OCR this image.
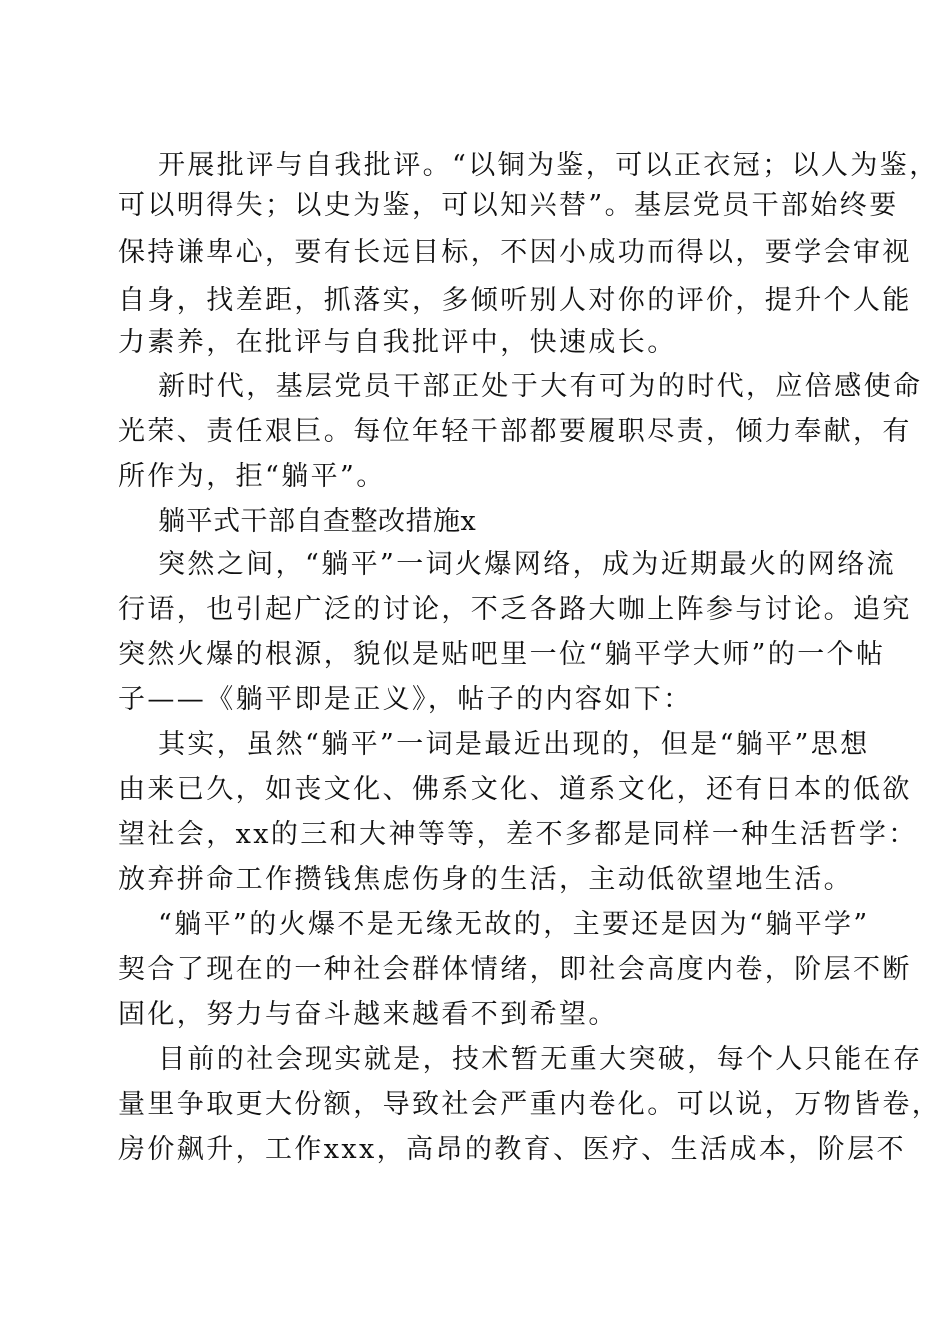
开展批评与自我批评。“以铜为鉴，可以正衣冠；以人为鉴，
可以明得失；以史为鉴，可以知兴替”。基层党员干部始终要
保持谦卑心，要有长远目标，不因小成功而得以，要学会审视
自身，找差距，抓落实，多倾听别人对你的评价，提升个人能
力素养，在批评与自我批评中，快速成长。
新时代，基层党员干部正处于大有可为的时代，应倍感使命
光荣、责任艰巨。每位年轻干部都要履职尽责，倾力奉献，有
所作为，拒“躺平”。
躺平式干部自查整改措施x
突然之间，“躺平”一词火爆网络，成为近期最火的网络流
行语，也引起广泛的讨论，不乏各路大咖上阵参与讨论。追究
突然火爆的根源，貌似是贴吧里一位“躺平学大师”的一个帖
子——《躺平即是正义》，帖子的内容如下：
其实，虽然“躺平”一词是最近出现的，但是“躺平”思想
由来已久，如丧文化、佛系文化、道系文化，还有日本的低欲
望社会，xx的三和大神等等，差不多都是同样一种生活哲学：
放弃拼命工作攒钱焦虑伤身的生活，主动低欲望地生活。
“躺平”的火爆不是无缘无故的，主要还是因为“躺平学”
契合了现在的一种社会群体情绪，即社会高度内卷，阶层不断
固化，努力与奋斗越来越看不到希望。
目前的社会现实就是，技术暂无重大突破，每个人只能在存
量里争取更大份额，导致社会严重内卷化。可以说，万物皆卷，
房价飙升，工作xxx，高昂的教育、医疗、生活成本，阶层不
